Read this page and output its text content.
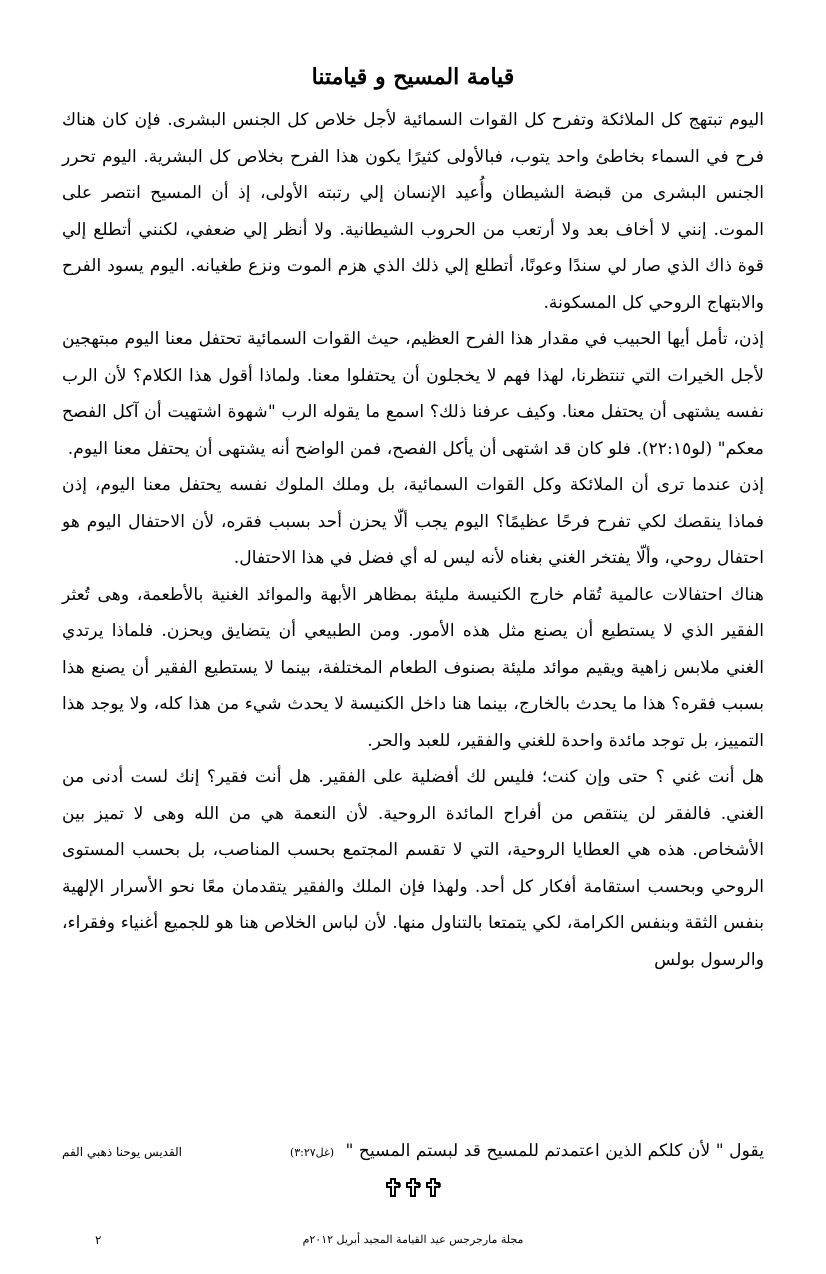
قيامة المسيح و قيامتنا

اليوم تبتهج كل الملائكة وتفرح كل القوات السمائية لأجل خلاص كل الجنس البشرى. فإن كان هناك فرح في السماء بخاطئ واحد يتوب، فبالأولى كثيرًا يكون هذا الفرح بخلاص كل البشرية. اليوم تحرر الجنس البشرى من قبضة الشيطان وأُعيد الإنسان إلي رتبته الأولى، إذ أن المسيح انتصر على الموت. إنني لا أخاف بعد ولا أرتعب من الحروب الشيطانية. ولا أنظر إلي ضعفي، لكنني أتطلع إلي قوة ذاك الذي صار لي سندًا وعونًا، أتطلع إلي ذلك الذي هزم الموت ونزع طغيانه. اليوم يسود الفرح والابتهاج الروحي كل المسكونة.

إذن، تأمل أيها الحبيب في مقدار هذا الفرح العظيم، حيث القوات السمائية تحتفل معنا اليوم مبتهجين لأجل الخيرات التي تنتظرنا، لهذا فهم لا يخجلون أن يحتفلوا معنا. ولماذا أقول هذا الكلام؟ لأن الرب نفسه يشتهى أن يحتفل معنا. وكيف عرفنا ذلك؟ اسمع ما يقوله الرب "شهوة اشتهيت أن آكل الفصح معكم" (لو٢٢:١٥). فلو كان قد اشتهى أن يأكل الفصح، فمن الواضح أنه يشتهى أن يحتفل معنا اليوم.

إذن عندما ترى أن الملائكة وكل القوات السمائية، بل وملك الملوك نفسه يحتفل معنا اليوم، إذن فماذا ينقصك لكي تفرح فرحًا عظيمًا؟ اليوم يجب ألّا يحزن أحد بسبب فقره، لأن الاحتفال اليوم هو احتفال روحي، وألّا يفتخر الغني بغناه لأنه ليس له أي فضل في هذا الاحتفال.

هناك احتفالات عالمية تُقام خارج الكنيسة مليئة بمظاهر الأبهة والموائد الغنية بالأطعمة، وهى تُعثر الفقير الذي لا يستطيع أن يصنع مثل هذه الأمور. ومن الطبيعي أن يتضايق ويحزن. فلماذا يرتدي الغني ملابس زاهية ويقيم موائد مليئة بصنوف الطعام المختلفة، بينما لا يستطيع الفقير أن يصنع هذا بسبب فقره؟ هذا ما يحدث بالخارج، بينما هنا داخل الكنيسة لا يحدث شيء من هذا كله، ولا يوجد هذا التمييز، بل توجد مائدة واحدة للغني والفقير، للعبد والحر.

هل أنت غني ؟ حتى وإن كنت؛ فليس لك أفضلية على الفقير. هل أنت فقير؟ إنك لست أدنى من الغني. فالفقر لن ينتقص من أفراح المائدة الروحية. لأن النعمة هي من الله وهى لا تميز بين الأشخاص. هذه هي العطايا الروحية، التي لا تقسم المجتمع بحسب المناصب، بل بحسب المستوى الروحي وبحسب استقامة أفكار كل أحد. ولهذا فإن الملك والفقير يتقدمان معًا نحو الأسرار الإلهية بنفس الثقة وبنفس الكرامة، لكي يتمتعا بالتناول منها. لأن لباس الخلاص هنا هو للجميع أغنياء وفقراء، والرسول بولس

يقول " لأن كلكم الذين اعتمدتم للمسيح قد لبستم المسيح " (غل٣:٢٧)
القديس يوحنا ذهبي الفم
مجلة مارجرجس عيد القيامة المجيد أبريل ٢٠١٢م
٢
